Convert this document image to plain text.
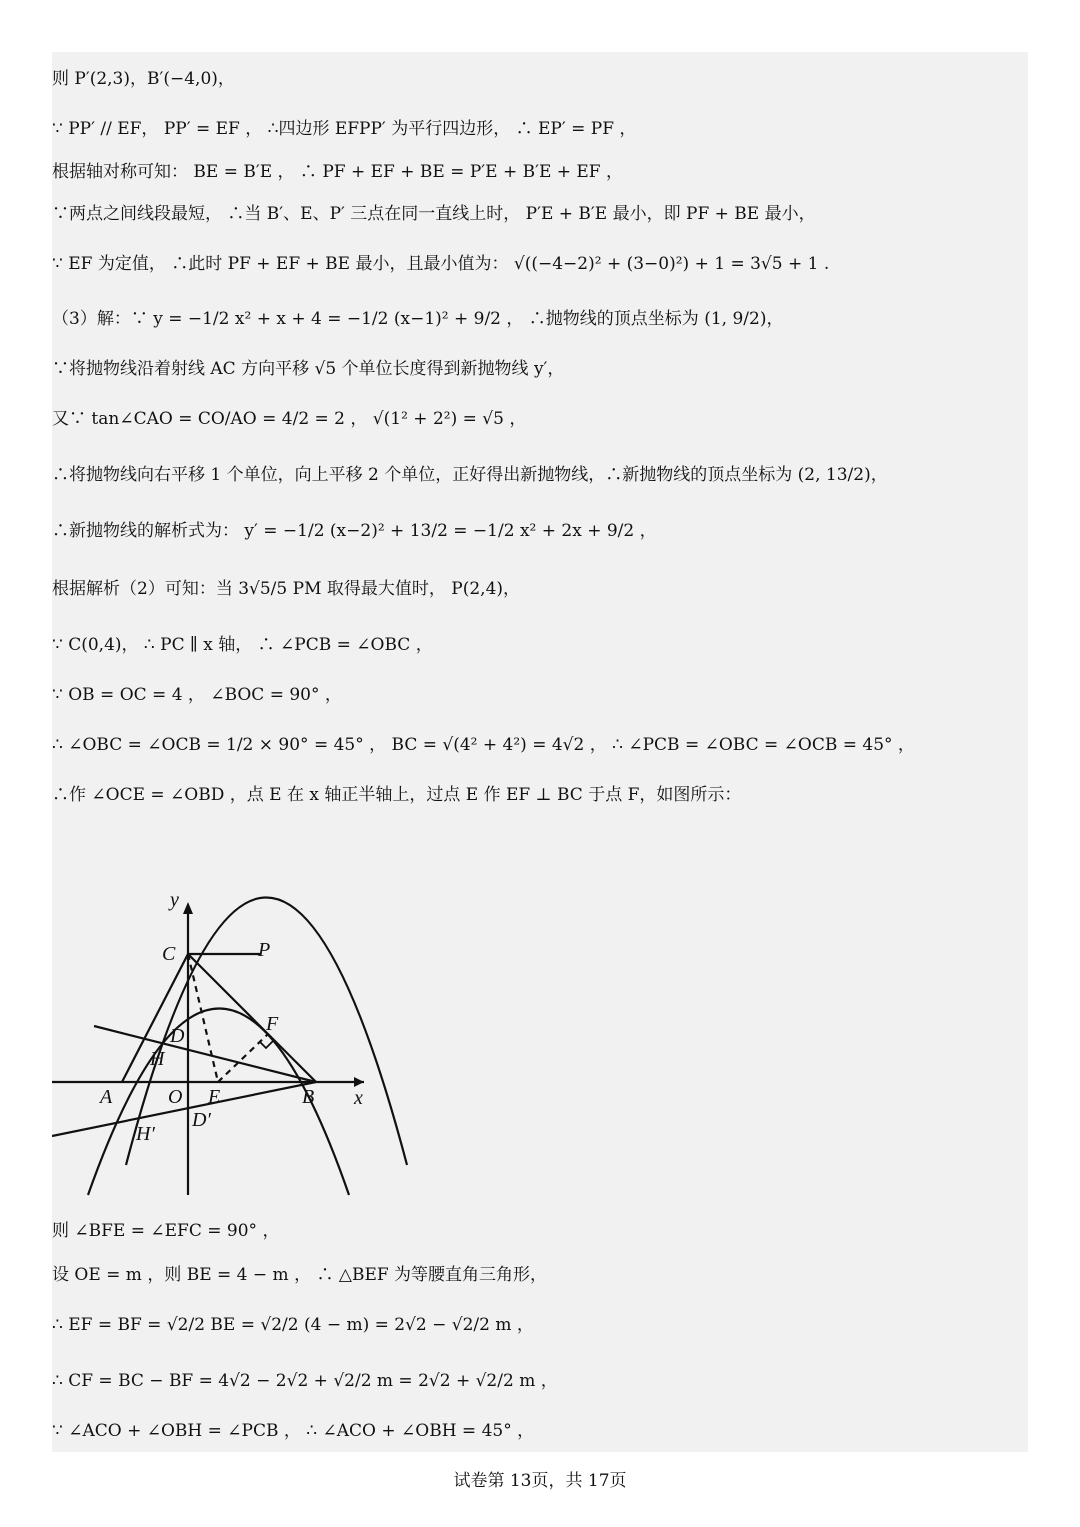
则 P′(2,3)，B′(−4,0)，
∵ PP′ // EF， PP′ = EF ， ∴四边形 EFPP′ 为平行四边形， ∴ EP′ = PF ，
根据轴对称可知： BE = B′E ， ∴ PF + EF + BE = P′E + B′E + EF ，
∵两点之间线段最短， ∴当 B′、E、P′ 三点在同一直线上时， P′E + B′E 最小，即 PF + BE 最小，
∵ EF 为定值， ∴此时 PF + EF + BE 最小，且最小值为： √((−4−2)² + (3−0)²) + 1 = 3√5 + 1 .
（3）解：∵ y = −1/2 x² + x + 4 = −1/2 (x−1)² + 9/2 ， ∴抛物线的顶点坐标为 (1, 9/2)，
∵将抛物线沿着射线 AC 方向平移 √5 个单位长度得到新抛物线 y′，
又∵ tan∠CAO = CO/AO = 4/2 = 2 ， √(1² + 2²) = √5 ，
∴将抛物线向右平移 1 个单位，向上平移 2 个单位，正好得出新抛物线，∴新抛物线的顶点坐标为 (2, 13/2)，
∴新抛物线的解析式为： y′ = −1/2 (x−2)² + 13/2 = −1/2 x² + 2x + 9/2 ，
根据解析（2）可知：当 3√5/5 PM 取得最大值时， P(2,4)，
∵ C(0,4)， ∴ PC ∥ x 轴， ∴ ∠PCB = ∠OBC ，
∵ OB = OC = 4 ， ∠BOC = 90° ，
∴ ∠OBC = ∠OCB = 1/2 × 90° = 45° ， BC = √(4² + 4²) = 4√2 ， ∴ ∠PCB = ∠OBC = ∠OCB = 45° ，
∴作 ∠OCE = ∠OBD ，点 E 在 x 轴正半轴上，过点 E 作 EF ⊥ BC 于点 F，如图所示：
y
x
C	P
D
F
H
A	O E	B
D′
H′
则 ∠BFE = ∠EFC = 90° ，
设 OE = m ，则 BE = 4 − m ， ∴ △BEF 为等腰直角三角形，
∴ EF = BF = √2/2 BE = √2/2 (4 − m) = 2√2 − √2/2 m ，
∴ CF = BC − BF = 4√2 − 2√2 + √2/2 m = 2√2 + √2/2 m ，
∵ ∠ACO + ∠OBH = ∠PCB ， ∴ ∠ACO + ∠OBH = 45° ，
试卷第 13页，共 17页
